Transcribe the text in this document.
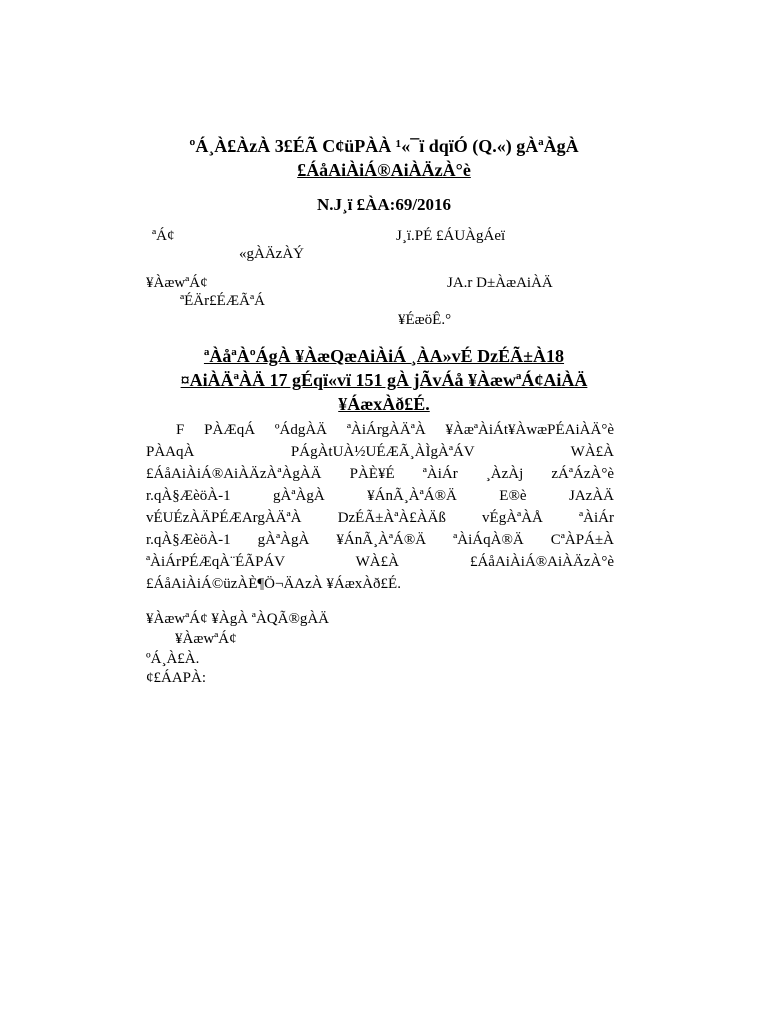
ºÁ¸À£ÀzÀ 3£ÉÃ C¢üPÀÀ ¹«¯ï dqïÓ (Q.«) gÀªÀgÀ
£ÁåAiÀiÁ®AiÀÄzÀ°è
N.J¸ï £ÀA:69/2016
ªÁ¢	J¸ï.PÉ £ÁUÀgÁeï
«gÀÄzÀÝ
¥ÀæwªÁ¢	JA.r D±ÀæAiÀÄ
ªÉÄr£ÉÆÃªÁ
¥ÉæöÊ.°
ªÀåªÀºÁgÀ ¥ÀæQæAiÀiÁ ¸ÀA»vÉ DzÉÃ±À18
¤AiÀÄªÀÄ 17 gÉqï«vï 151 gÀ jÃvÁå ¥ÀæwªÁ¢AiÀÄ
¥ÁæxÀð£É.
F PÀÆqÁ ºÁdgÀÄ ªÀiÁrgÀÄªÀ ¥ÀæªÀiÁt¥ÀwæPÉAiÀÄ°è
PÀAqÀ PÁgÀtUÀ½UÉÆÃ¸ÀÌgÀªÁV WÀ£À
£ÁåAiÀiÁ®AiÀÄzÀªÀgÀÄ PÀÈ¥É ªÀiÁr ¸ÀzÀj zÁªÁzÀ°è
r.qÀ§ÆèöÀ-1 gÀªÀgÀ ¥ÁnÃ¸ÀªÁ®Ä E®è JAzÀÄ
vÉUÉzÀÄPÉÆArgÀÄªÀ DzÉÃ±ÀªÀ£ÀÄß vÉgÀªÀÅ ªÀiÁr
r.qÀ§ÆèöÀ-1 gÀªÀgÀ ¥ÁnÃ¸ÀªÁ®Ä ªÀiÁqÀ®Ä CªÀPÁ±À
ªÀiÁrPÉÆqÀ¨ÉÃPÁV WÀ£À £ÁåAiÀiÁ®AiÀÄzÀ°è
£ÁåAiÀiÁ©üzÀÈ¶Ö¬ÄAzÀ ¥ÁæxÀð£É.
¥ÀæwªÁ¢ ¥ÀgÀ ªÀQÃ®gÀÄ
¥ÀæwªÁ¢
ºÁ¸À£À.
¢£ÁAPÀ:
